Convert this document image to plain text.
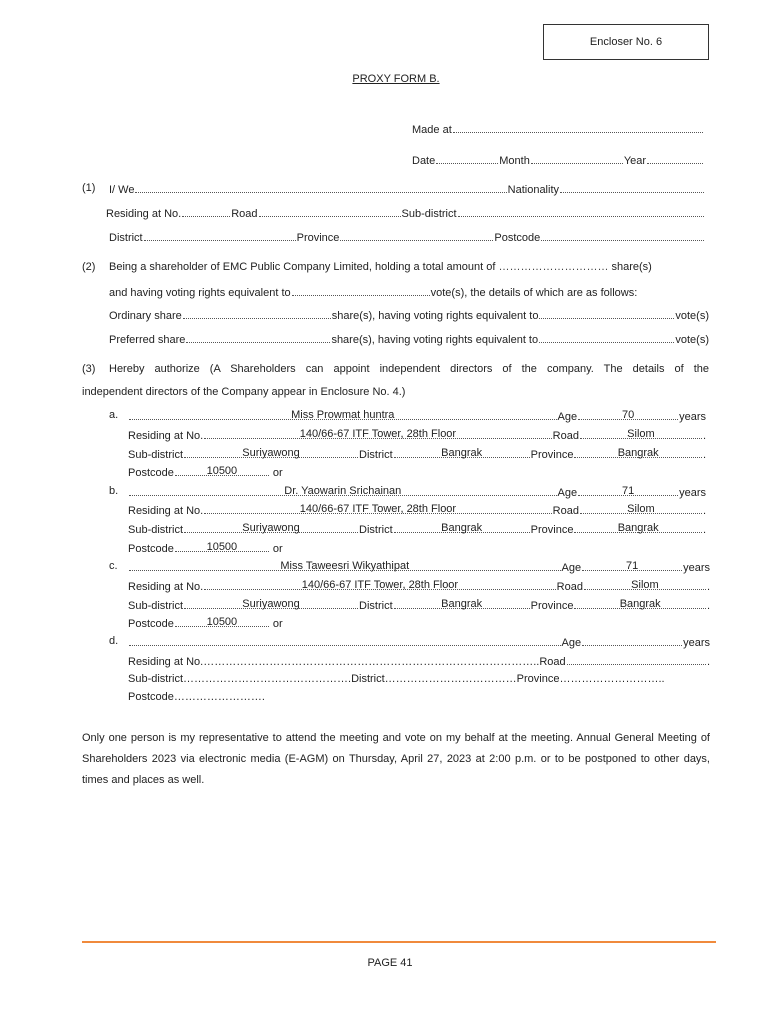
Encloser No. 6
PROXY FORM B.
Made at
Date	Month	Year
(1) I/ We	Nationality
Residing at No.	Road	Sub-district
District	Province	Postcode
(2) Being a shareholder of EMC Public Company Limited, holding a total amount of ………………………… share(s)
and having voting rights equivalent to	vote(s), the details of which are as follows:
Ordinary share	share(s), having voting rights equivalent to	vote(s)
Preferred share	share(s), having voting rights equivalent to	vote(s)
(3) Hereby authorize (A Shareholders can appoint independent directors of the company. The details of the
independent directors of the Company appear in Enclosure No. 4.)
a.	Miss Prowmat huntra	Age	70	years
Residing at No.	140/66-67 ITF Tower, 28th Floor	Road	Silom	.
Sub-district	Suriyawong	District	Bangrak	Province	Bangrak	.
Postcode	10500	or
b.	Dr. Yaowarin Srichainan	Age	71	years
Residing at No.	140/66-67 ITF Tower, 28th Floor	Road	Silom	.
Sub-district	Suriyawong	District	Bangrak	Province	Bangrak	.
Postcode	10500	or
c.	Miss Taweesri Wikyathipat	Age	71	years
Residing at No.	140/66-67 ITF Tower, 28th Floor	Road	Silom	.
Sub-district	Suriyawong	District	Bangrak	Province	Bangrak	.
Postcode	10500	or
d.	Age	years
Residing at No.………………………………………………………………………………..Road	.
Sub-district……………………………………….District………………………………Province………………………..
Postcode…………………….
Only one person is my representative to attend the meeting and vote on my behalf at the meeting. Annual General Meeting of Shareholders 2023 via electronic media (E-AGM) on Thursday, April 27, 2023 at 2:00 p.m. or to be postponed to other days, times and places as well.
PAGE 41
